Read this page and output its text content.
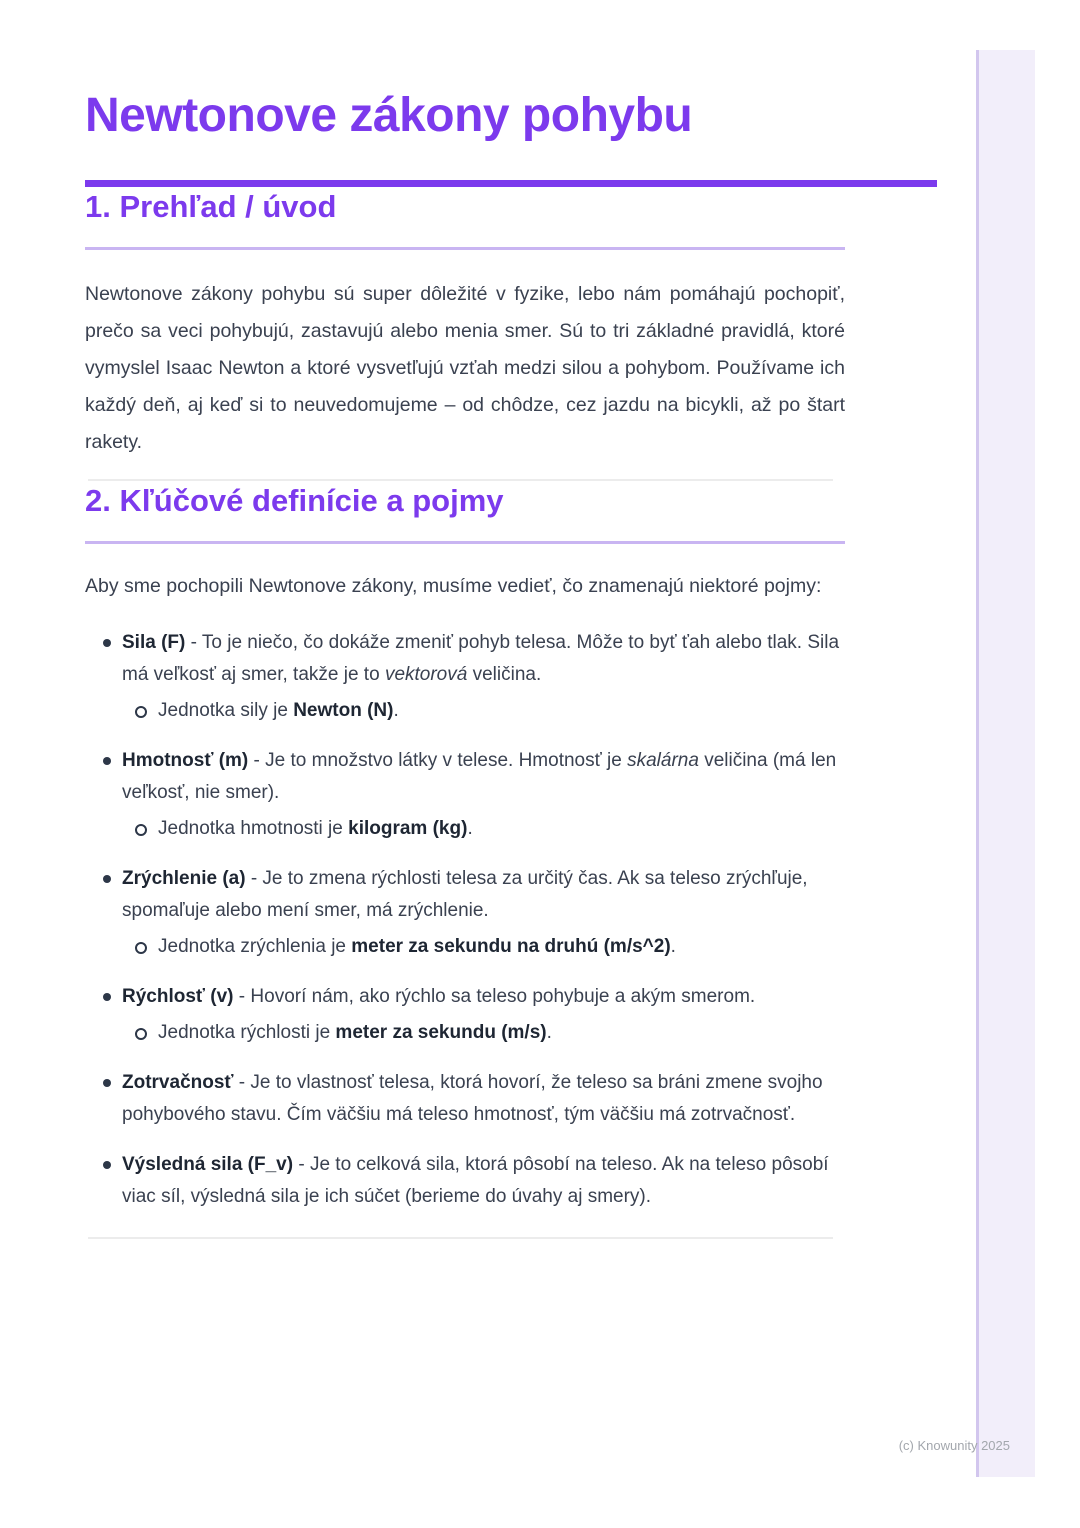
Newtonove zákony pohybu
1. Prehľad / úvod

Newtonove zákony pohybu sú super dôležité v fyzike, lebo nám pomáhajú pochopiť, prečo sa veci pohybujú, zastavujú alebo menia smer. Sú to tri základné pravidlá, ktoré vymyslel Isaac Newton a ktoré vysvetľujú vzťah medzi silou a pohybom. Používame ich každý deň, aj keď si to neuvedomujeme – od chôdze, cez jazdu na bicykli, až po štart rakety.

2. Kľúčové definície a pojmy

Aby sme pochopili Newtonove zákony, musíme vedieť, čo znamenajú niektoré pojmy:

Sila (F) - To je niečo, čo dokáže zmeniť pohyb telesa. Môže to byť ťah alebo tlak. Sila má veľkosť aj smer, takže je to vektorová veličina.
Jednotka sily je Newton (N).
Hmotnosť (m) - Je to množstvo látky v telese. Hmotnosť je skalárna veličina (má len veľkosť, nie smer).
Jednotka hmotnosti je kilogram (kg).
Zrýchlenie (a) - Je to zmena rýchlosti telesa za určitý čas. Ak sa teleso zrýchľuje, spomaľuje alebo mení smer, má zrýchlenie.
Jednotka zrýchlenia je meter za sekundu na druhú (m/s^2).
Rýchlosť (v) - Hovorí nám, ako rýchlo sa teleso pohybuje a akým smerom.
Jednotka rýchlosti je meter za sekundu (m/s).
Zotrvačnosť - Je to vlastnosť telesa, ktorá hovorí, že teleso sa bráni zmene svojho pohybového stavu. Čím väčšiu má teleso hmotnosť, tým väčšiu má zotrvačnosť.
Výsledná sila (F_v) - Je to celková sila, ktorá pôsobí na teleso. Ak na teleso pôsobí viac síl, výsledná sila je ich súčet (berieme do úvahy aj smery).
(c) Knowunity 2025
